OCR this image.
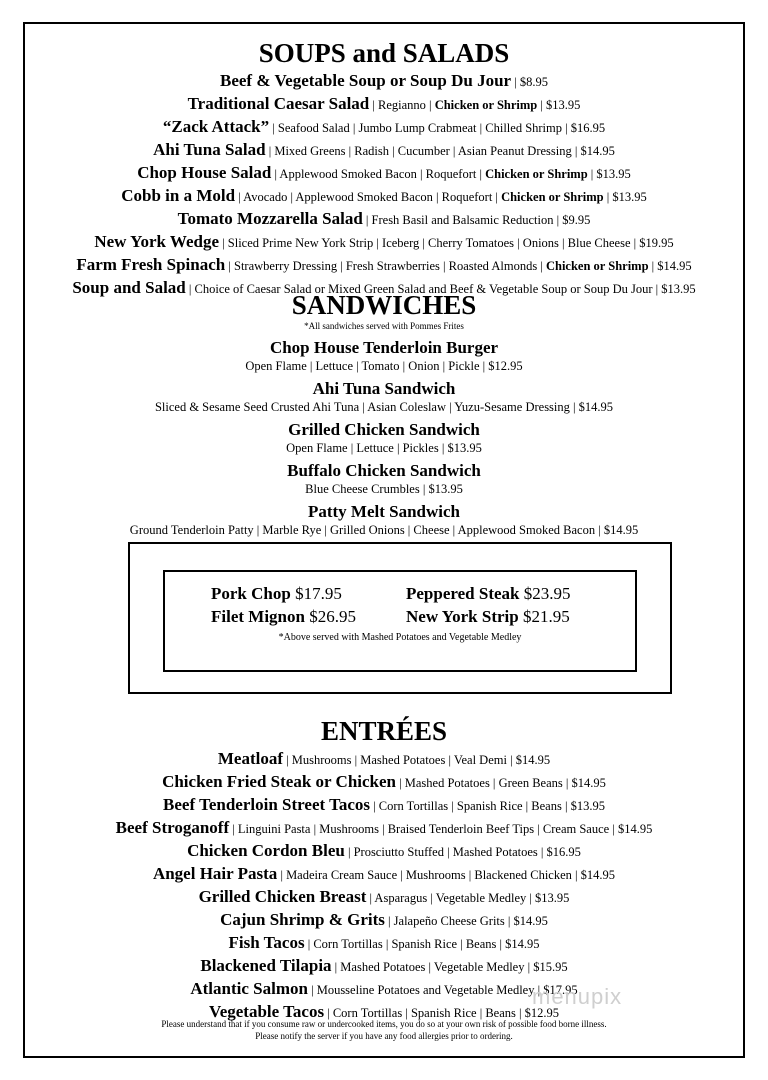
SOUPS and SALADS
Beef & Vegetable Soup or Soup Du Jour | $8.95
Traditional Caesar Salad | Regianno | Chicken or Shrimp | $13.95
“Zack Attack” | Seafood Salad | Jumbo Lump Crabmeat | Chilled Shrimp | $16.95
Ahi Tuna Salad | Mixed Greens | Radish | Cucumber | Asian Peanut Dressing | $14.95
Chop House Salad | Applewood Smoked Bacon | Roquefort | Chicken or Shrimp | $13.95
Cobb in a Mold | Avocado | Applewood Smoked Bacon | Roquefort | Chicken or Shrimp | $13.95
Tomato Mozzarella Salad | Fresh Basil and Balsamic Reduction | $9.95
New York Wedge | Sliced Prime New York Strip | Iceberg | Cherry Tomatoes | Onions | Blue Cheese | $19.95
Farm Fresh Spinach | Strawberry Dressing | Fresh Strawberries | Roasted Almonds | Chicken or Shrimp | $14.95
Soup and Salad | Choice of Caesar Salad or Mixed Green Salad and Beef & Vegetable Soup or Soup Du Jour | $13.95
SANDWICHES
*All sandwiches served with Pommes Frites
Chop House Tenderloin Burger
Open Flame | Lettuce | Tomato | Onion | Pickle | $12.95
Ahi Tuna Sandwich
Sliced & Sesame Seed Crusted Ahi Tuna | Asian Coleslaw | Yuzu-Sesame Dressing | $14.95
Grilled Chicken Sandwich
Open Flame | Lettuce | Pickles | $13.95
Buffalo Chicken Sandwich
Blue Cheese Crumbles | $13.95
Patty Melt Sandwich
Ground Tenderloin Patty | Marble Rye | Grilled Onions | Cheese | Applewood Smoked Bacon | $14.95
Pork Chop $17.95	Peppered Steak $23.95
Filet Mignon $26.95	New York Strip $21.95
*Above served with Mashed Potatoes and Vegetable Medley
ENTRÉES
Meatloaf | Mushrooms | Mashed Potatoes | Veal Demi | $14.95
Chicken Fried Steak or Chicken | Mashed Potatoes | Green Beans | $14.95
Beef Tenderloin Street Tacos | Corn Tortillas | Spanish Rice | Beans | $13.95
Beef Stroganoff | Linguini Pasta | Mushrooms | Braised Tenderloin Beef Tips | Cream Sauce | $14.95
Chicken Cordon Bleu | Prosciutto Stuffed | Mashed Potatoes | $16.95
Angel Hair Pasta | Madeira Cream Sauce | Mushrooms | Blackened Chicken | $14.95
Grilled Chicken Breast | Asparagus | Vegetable Medley | $13.95
Cajun Shrimp & Grits | Jalapeño Cheese Grits | $14.95
Fish Tacos | Corn Tortillas | Spanish Rice | Beans | $14.95
Blackened Tilapia | Mashed Potatoes | Vegetable Medley | $15.95
Atlantic Salmon | Mousseline Potatoes and Vegetable Medley | $17.95
Vegetable Tacos | Corn Tortillas | Spanish Rice | Beans | $12.95
Please understand that if you consume raw or undercooked items, you do so at your own risk of possible food borne illness.
Please notify the server if you have any food allergies prior to ordering.
menupix
